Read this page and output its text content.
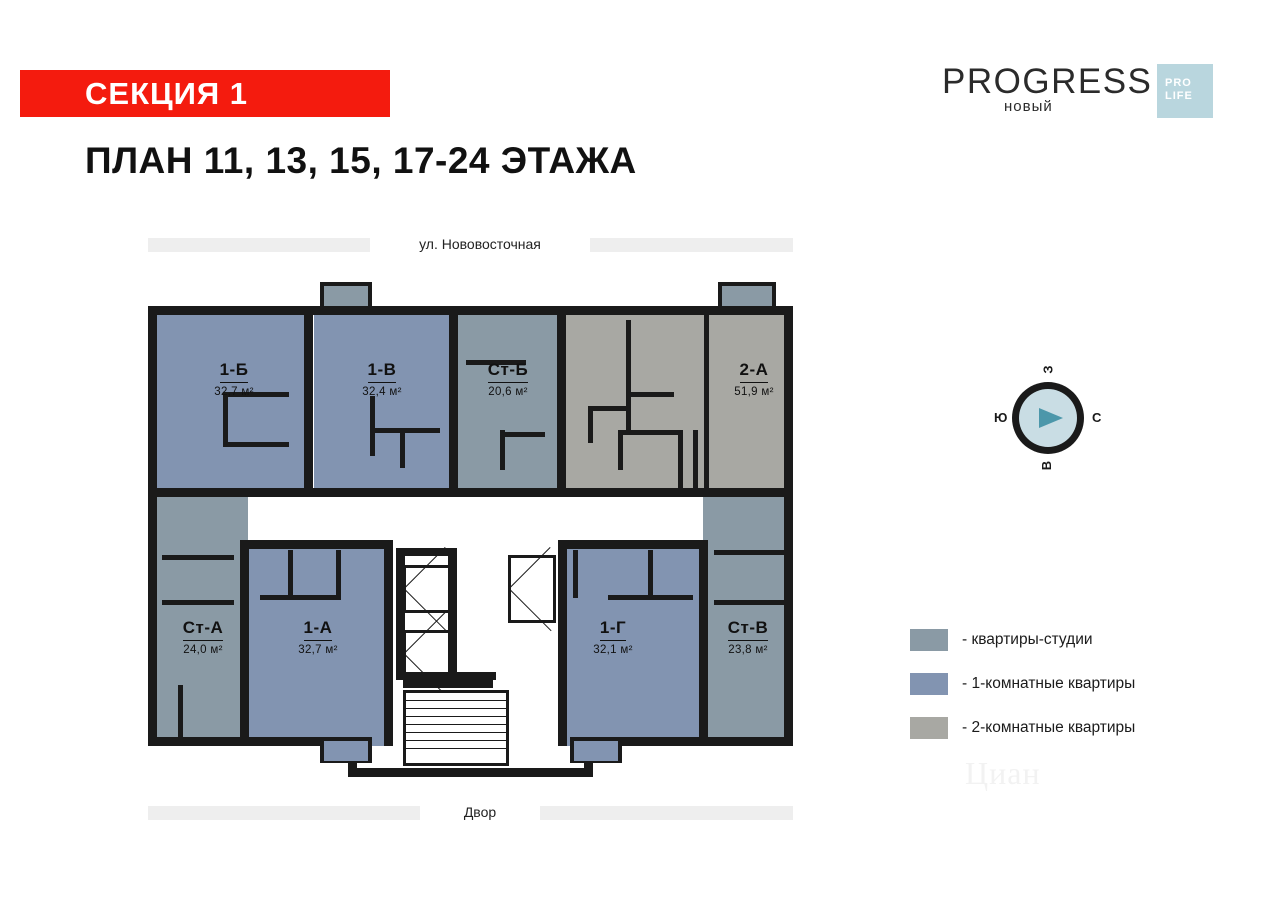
СЕКЦИЯ 1
ПЛАН 11, 13, 15, 17-24 ЭТАЖА
PROGRESS
новый
PRO
LIFE
ул. Нововосточная
1-Б
32,7 м²
1-В
32,4 м²
Ст-Б
20,6 м²
2-А
51,9 м²
Ст-А
24,0 м²
1-А
32,7 м²
1-Г
32,1 м²
Ст-В
23,8 м²
Двор
З
С
В
Ю
- квартиры-студии
- 1-комнатные квартиры
- 2-комнатные квартиры
Циан
